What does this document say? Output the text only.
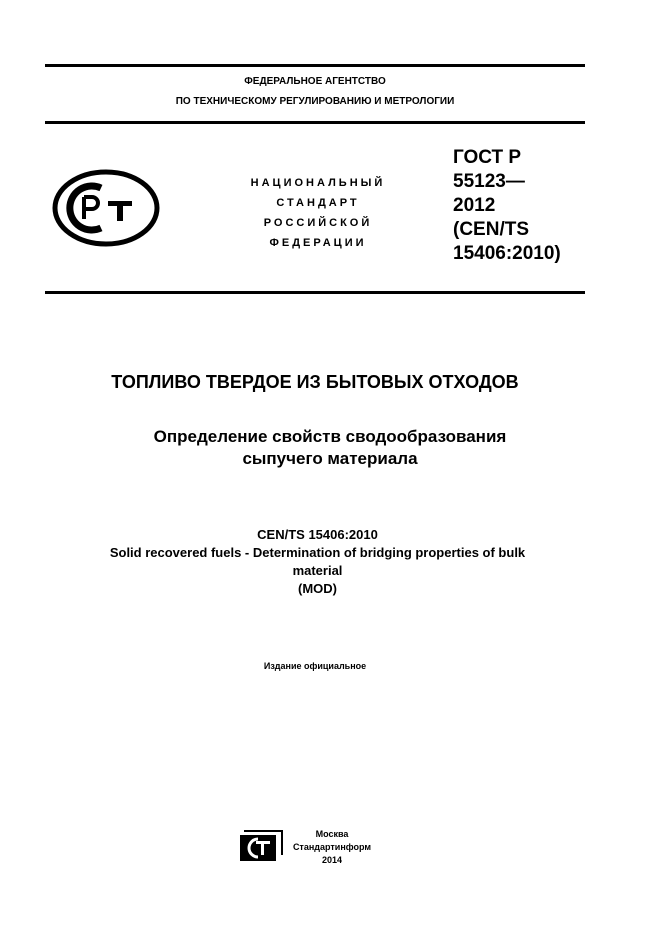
ФЕДЕРАЛЬНОЕ АГЕНТСТВО
ПО ТЕХНИЧЕСКОМУ РЕГУЛИРОВАНИЮ И МЕТРОЛОГИИ
РСТ
НАЦИОНАЛЬНЫЙ
СТАНДАРТ
РОССИЙСКОЙ
ФЕДЕРАЦИИ
ГОСТ Р
55123—
2012
(CEN/TS
15406:2010)
ТОПЛИВО ТВЕРДОЕ ИЗ БЫТОВЫХ ОТХОДОВ
Определение свойств сводообразования
сыпучего материала
CEN/TS 15406:2010
Solid recovered fuels - Determination of bridging properties of bulk
material
(MOD)
Издание официальное
Москва
Стандартинформ
2014
